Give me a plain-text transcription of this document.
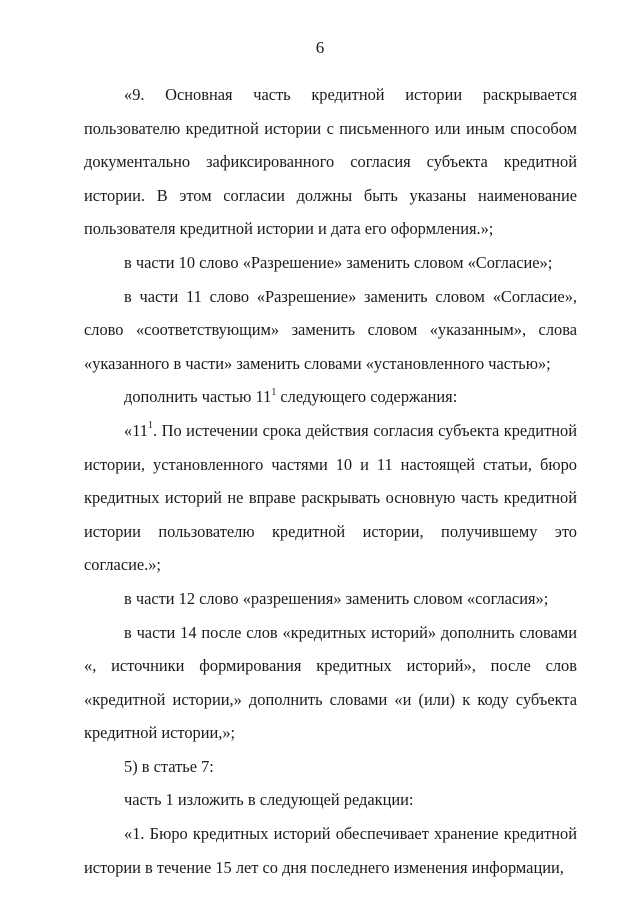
6

«9. Основная часть кредитной истории раскрывается пользователю кредитной истории с письменного или иным способом документально зафиксированного согласия субъекта кредитной истории. В этом согласии должны быть указаны наименование пользователя кредитной истории и дата его оформления.»;

в части 10 слово «Разрешение» заменить словом «Согласие»;

в части 11 слово «Разрешение» заменить словом «Согласие», слово «соответствующим» заменить словом «указанным», слова «указанного в части» заменить словами «установленного частью»;

дополнить частью $11^1$ следующего содержания:

«$11^1$. По истечении срока действия согласия субъекта кредитной истории, установленного частями 10 и 11 настоящей статьи, бюро кредитных историй не вправе раскрывать основную часть кредитной истории пользователю кредитной истории, получившему это согласие.»;

в части 12 слово «разрешения» заменить словом «согласия»;

в части 14 после слов «кредитных историй» дополнить словами «, источники формирования кредитных историй», после слов «кредитной истории,» дополнить словами «и (или) к коду субъекта кредитной истории,»;

5) в статье 7:

часть 1 изложить в следующей редакции:

«1. Бюро кредитных историй обеспечивает хранение кредитной истории в течение 15 лет со дня последнего изменения информации,
